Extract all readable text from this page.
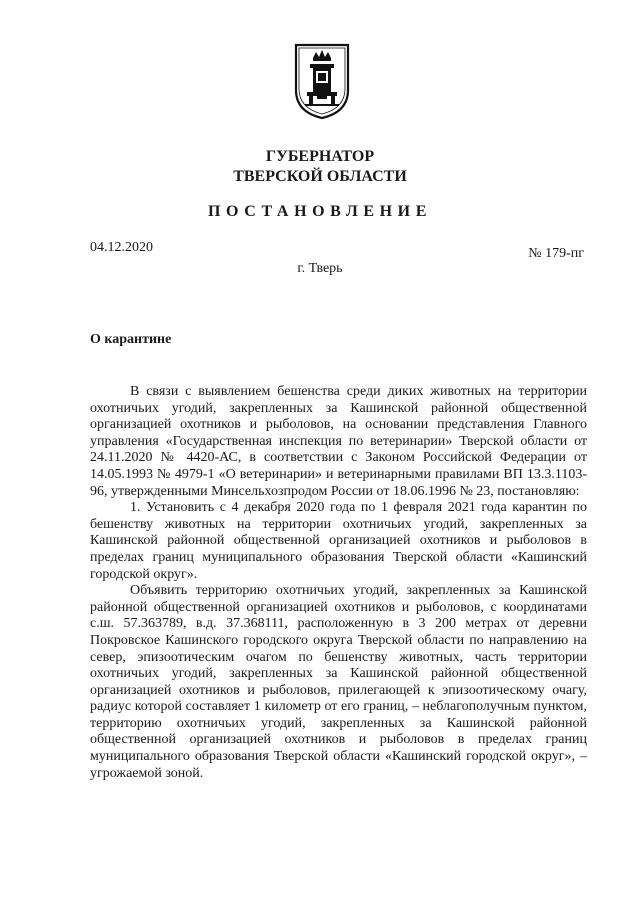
ГУБЕРНАТОР
ТВЕРСКОЙ ОБЛАСТИ
ПОСТАНОВЛЕНИЕ
04.12.2020	№ 179-пг
г. Тверь
О карантине

В связи с выявлением бешенства среди диких животных на территории охотничьих угодий, закрепленных за Кашинской районной общественной организацией охотников и рыболовов, на основании представления Главного управления «Государственная инспекция по ветеринарии» Тверской области от 24.11.2020 № 4420-АС, в соответствии с Законом Российской Федерации от 14.05.1993 № 4979-1 «О ветеринарии» и ветеринарными правилами ВП 13.3.1103-96, утвержденными Минсельхозпродом России от 18.06.1996 № 23, постановляю:

1. Установить с 4 декабря 2020 года по 1 февраля 2021 года карантин по бешенству животных на территории охотничьих угодий, закрепленных за Кашинской районной общественной организацией охотников и рыболовов в пределах границ муниципального образования Тверской области «Кашинский городской округ».

Объявить территорию охотничьих угодий, закрепленных за Кашинской районной общественной организацией охотников и рыболовов, с координатами с.ш. 57.363789, в.д. 37.368111, расположенную в 3 200 метрах от деревни Покровское Кашинского городского округа Тверской области по направлению на север, эпизоотическим очагом по бешенству животных, часть территории охотничьих угодий, закрепленных за Кашинской районной общественной организацией охотников и рыболовов, прилегающей к эпизоотическому очагу, радиус которой составляет 1 километр от его границ, – неблагополучным пунктом, территорию охотничьих угодий, закрепленных за Кашинской районной общественной организацией охотников и рыболовов в пределах границ муниципального образования Тверской области «Кашинский городской округ», – угрожаемой зоной.
